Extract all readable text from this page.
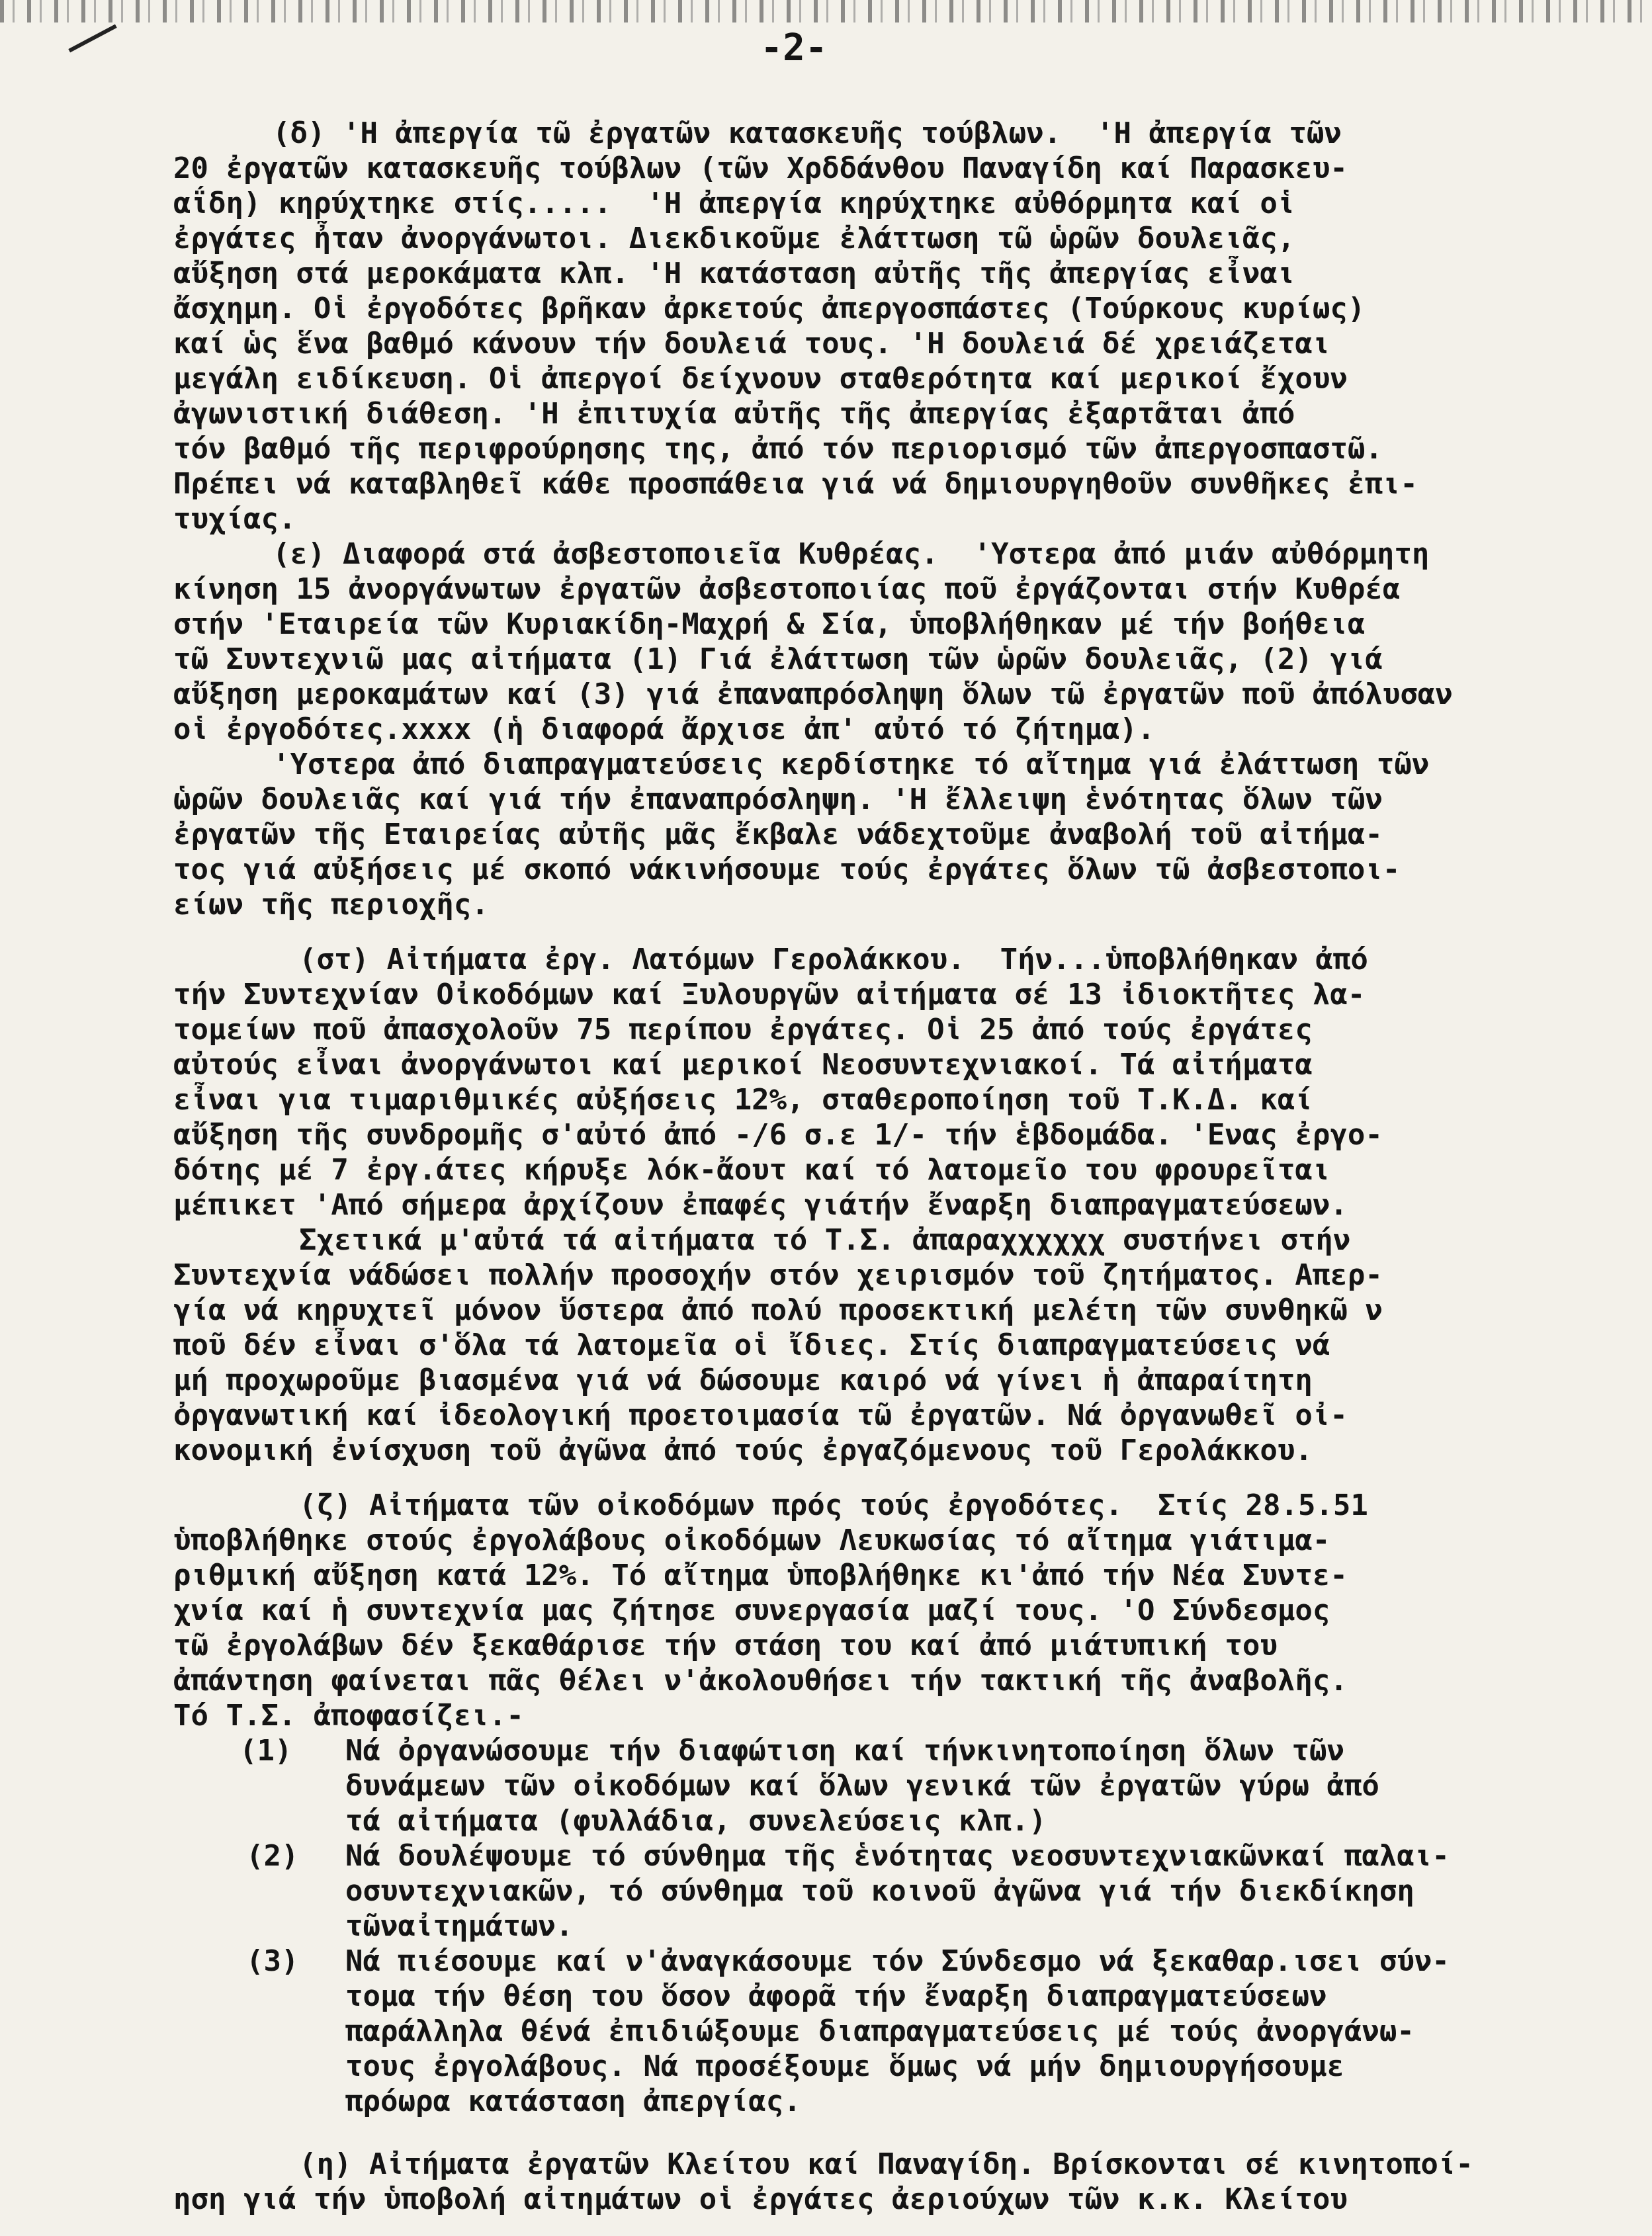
-2-
(δ) 'Η ἀπεργία τῶ ἐργατῶν κατασκευῆς τούβλων.  'Η ἀπεργία τῶν
20 ἐργατῶν κατασκευῆς τούβλων (τῶν Χρδδάνθου Παναγίδη καί Παρασκευ-
αΐδη) κηρύχτηκε στίς.....  'Η ἀπεργία κηρύχτηκε αὐθόρμητα καί οἱ
ἐργάτες ἦταν ἀνοργάνωτοι. Διεκδικοῦμε ἐλάττωση τῶ ὡρῶν δουλειᾶς,
αὔξηση στά μεροκάματα κλπ. 'Η κατάσταση αὐτῆς τῆς ἀπεργίας εἶναι
ἄσχημη. Οἱ ἐργοδότες βρῆκαν ἀρκετούς ἀπεργοσπάστες (Τούρκους κυρίως)
καί ὡς ἕνα βαθμό κάνουν τήν δουλειά τους. 'Η δουλειά δέ χρειάζεται
μεγάλη ειδίκευση. Οἱ ἀπεργοί δείχνουν σταθερότητα καί μερικοί ἔχουν
ἀγωνιστική διάθεση. 'Η ἐπιτυχία αὐτῆς τῆς ἀπεργίας ἐξαρτᾶται ἀπό
τόν βαθμό τῆς περιφρούρησης της, ἀπό τόν περιορισμό τῶν ἀπεργοσπαστῶ.
Πρέπει νά καταβληθεῖ κάθε προσπάθεια γιά νά δημιουργηθοῦν συνθῆκες ἐπι-
τυχίας.
(ε) Διαφορά στά ἀσβεστοποιεῖα Κυθρέας.  'Υστερα ἀπό μιάν αὐθόρμητη
κίνηση 15 ἀνοργάνωτων ἐργατῶν ἀσβεστοποιίας ποῦ ἐργάζονται στήν Κυθρέα
στήν 'Εταιρεία τῶν Κυριακίδη-Μαχρή & Σία, ὑποβλήθηκαν μέ τήν βοήθεια
τῶ Συντεχνιῶ μας αἰτήματα (1) Γιά ἐλάττωση τῶν ὡρῶν δουλειᾶς, (2) γιά
αὔξηση μεροκαμάτων καί (3) γιά ἐπαναπρόσληψη ὅλων τῶ ἐργατῶν ποῦ ἀπόλυσαν
οἱ ἐργοδότες.xxxx (ἡ διαφορά ἄρχισε ἀπ' αὐτό τό ζήτημα).
'Υστερα ἀπό διαπραγματεύσεις κερδίστηκε τό αἴτημα γιά ἐλάττωση τῶν
ὡρῶν δουλειᾶς καί γιά τήν ἐπαναπρόσληψη. 'Η ἔλλειψη ἑνότητας ὅλων τῶν
ἐργατῶν τῆς Εταιρείας αὐτῆς μᾶς ἔκβαλε νάδεχτοῦμε ἀναβολή τοῦ αἰτήμα-
τος γιά αὐξήσεις μέ σκοπό νάκινήσουμε τούς ἐργάτες ὅλων τῶ ἀσβεστοποι-
είων τῆς περιοχῆς.
(στ) Αἰτήματα ἐργ. Λατόμων Γερολάκκου.  Τήν...ὑποβλήθηκαν ἀπό
τήν Συντεχνίαν Οἰκοδόμων καί Ξυλουργῶν αἰτήματα σέ 13 ἰδιοκτῆτες λα-
τομείων ποῦ ἀπασχολοῦν 75 περίπου ἐργάτες. Οἱ 25 ἀπό τούς ἐργάτες
αὐτούς εἶναι ἀνοργάνωτοι καί μερικοί Νεοσυντεχνιακοί. Τά αἰτήματα
εἶναι για τιμαριθμικές αὐξήσεις 12%, σταθεροποίηση τοῦ Τ.Κ.Δ. καί
αὔξηση τῆς συνδρομῆς σ'αὐτό ἀπό -/6 σ.ε 1/- τήν ἑβδομάδα. 'Ενας ἐργο-
δότης μέ 7 ἐργ.άτες κήρυξε λόκ-ἄουτ καί τό λατομεῖο του φρουρεῖται
μέπικετ 'Από σήμερα ἀρχίζουν ἐπαφές γιάτήν ἔναρξη διαπραγματεύσεων.
Σχετικά μ'αὐτά τά αἰτήματα τό Τ.Σ. ἀπαραχχχχχχ συστήνει στήν
Συντεχνία νάδώσει πολλήν προσοχήν στόν χειρισμόν τοῦ ζητήματος. Απερ-
γία νά κηρυχτεῖ μόνον ὕστερα ἀπό πολύ προσεκτική μελέτη τῶν συνθηκῶ ν
ποῦ δέν εἶναι σ'ὅλα τά λατομεῖα οἱ ἴδιες. Στίς διαπραγματεύσεις νά
μή προχωροῦμε βιασμένα γιά νά δώσουμε καιρό νά γίνει ἡ ἀπαραίτητη
ὀργανωτική καί ἰδεολογική προετοιμασία τῶ ἐργατῶν. Νά ὀργανωθεῖ οἰ-
κονομική ἐνίσχυση τοῦ ἀγῶνα ἀπό τούς ἐργαζόμενους τοῦ Γερολάκκου.
(ζ) Αἰτήματα τῶν οἰκοδόμων πρός τούς ἐργοδότες.  Στίς 28.5.51
ὑποβλήθηκε στούς ἐργολάβους οἰκοδόμων Λευκωσίας τό αἴτημα γιάτιμα-
ριθμική αὔξηση κατά 12%. Τό αἴτημα ὑποβλήθηκε κι'ἀπό τήν Νέα Συντε-
χνία καί ἡ συντεχνία μας ζήτησε συνεργασία μαζί τους. 'Ο Σύνδεσμος
τῶ ἐργολάβων δέν ξεκαθάρισε τήν στάση του καί ἀπό μιάτυπική του
ἀπάντηση φαίνεται πᾶς θέλει ν'ἀκολουθήσει τήν τακτική τῆς ἀναβολῆς.
Τό Τ.Σ. ἀποφασίζει.-
(1) Νά ὀργανώσουμε τήν διαφώτιση καί τήνκινητοποίηση ὅλων τῶν
δυνάμεων τῶν οἰκοδόμων καί ὅλων γενικά τῶν ἐργατῶν γύρω ἀπό
τά αἰτήματα (φυλλάδια, συνελεύσεις κλπ.)
(2) Νά δουλέψουμε τό σύνθημα τῆς ἑνότητας νεοσυντεχνιακῶνκαί παλαι-
οσυντεχνιακῶν, τό σύνθημα τοῦ κοινοῦ ἀγῶνα γιά τήν διεκδίκηση
τῶναἰτημάτων.
(3) Νά πιέσουμε καί ν'ἀναγκάσουμε τόν Σύνδεσμο νά ξεκαθαρ.ισει σύν-
τομα τήν θέση του ὅσον ἀφορᾶ τήν ἔναρξη διαπραγματεύσεων
παράλληλα θένά ἐπιδιώξουμε διαπραγματεύσεις μέ τούς ἀνοργάνω-
τους ἐργολάβους. Νά προσέξουμε ὅμως νά μήν δημιουργήσουμε
πρόωρα κατάσταση ἀπεργίας.
(η) Αἰτήματα ἐργατῶν Κλείτου καί Παναγίδη. Βρίσκονται σέ κινητοποί-
ηση γιά τήν ὑποβολή αἰτημάτων οἱ ἐργάτες ἀεριούχων τῶν κ.κ. Κλείτου
